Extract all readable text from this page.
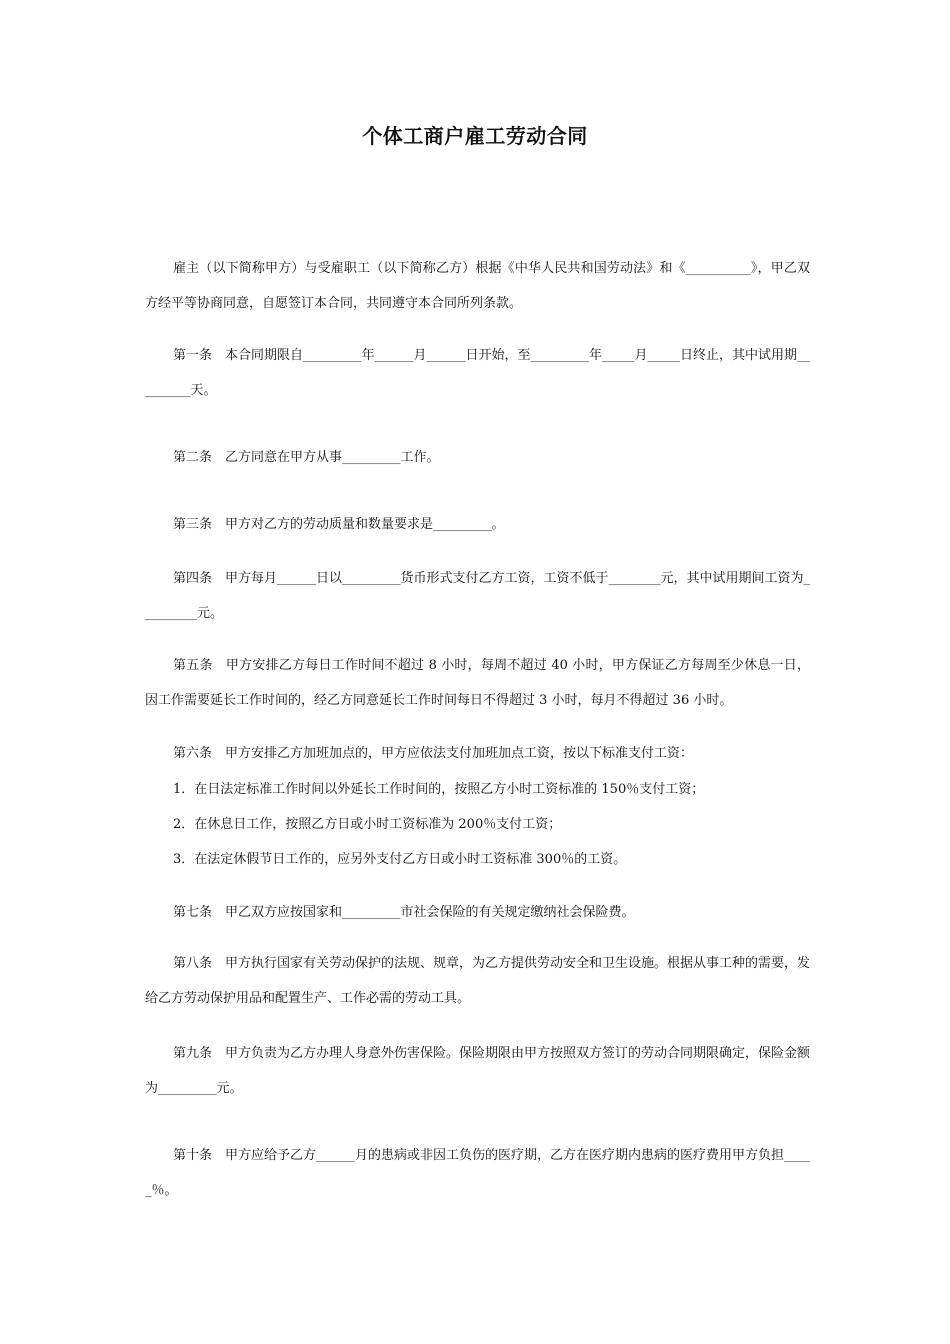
个体工商户雇工劳动合同

雇主（以下简称甲方）与受雇职工（以下简称乙方）根据《中华人民共和国劳动法》和《__________》，甲乙双方经平等协商同意，自愿签订本合同，共同遵守本合同所列条款。

第一条　本合同期限自_________年______月______日开始，至_________年_____月_____日终止，其中试用期_________天。

第二条　乙方同意在甲方从事_________工作。

第三条　甲方对乙方的劳动质量和数量要求是_________。

第四条　甲方每月______日以_________货币形式支付乙方工资，工资不低于________元，其中试用期间工资为_________元。

第五条　甲方安排乙方每日工作时间不超过 8 小时，每周不超过 40 小时，甲方保证乙方每周至少休息一日，因工作需要延长工作时间的，经乙方同意延长工作时间每日不得超过 3 小时，每月不得超过 36 小时。

第六条　甲方安排乙方加班加点的，甲方应依法支付加班加点工资，按以下标准支付工资：

1．在日法定标准工作时间以外延长工作时间的，按照乙方小时工资标准的 150％支付工资；

2．在休息日工作，按照乙方日或小时工资标准为 200％支付工资；

3．在法定休假节日工作的，应另外支付乙方日或小时工资标准 300％的工资。

第七条　甲乙双方应按国家和_________市社会保险的有关规定缴纳社会保险费。

第八条　甲方执行国家有关劳动保护的法规、规章，为乙方提供劳动安全和卫生设施。根据从事工种的需要，发给乙方劳动保护用品和配置生产、工作必需的劳动工具。

第九条　甲方负责为乙方办理人身意外伤害保险。保险期限由甲方按照双方签订的劳动合同期限确定，保险金额为_________元。

第十条　甲方应给予乙方______月的患病或非因工负伤的医疗期，乙方在医疗期内患病的医疗费用甲方负担_____％。
